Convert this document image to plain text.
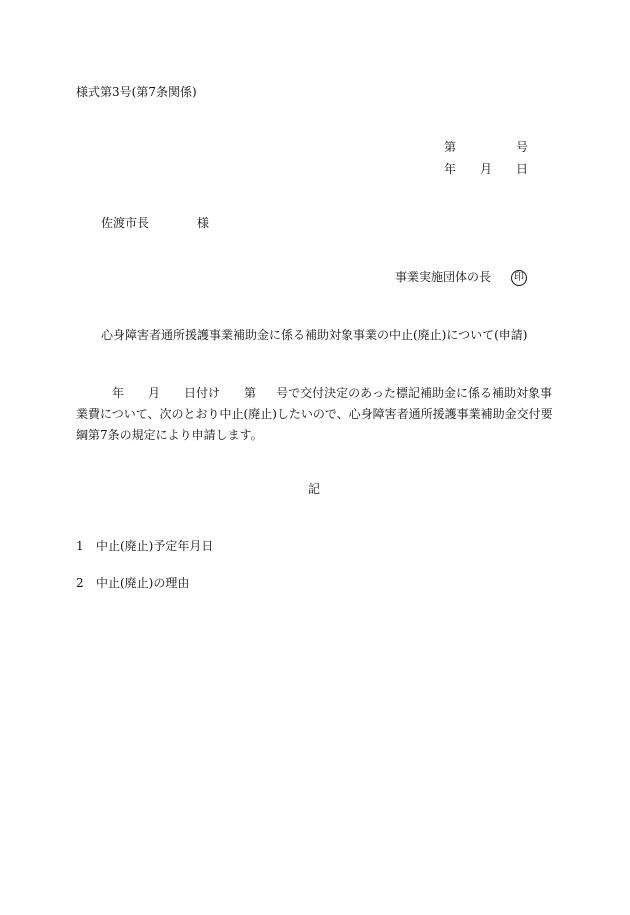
様式第3号(第7条関係)
第	号
年 月 日
佐渡市長	様
事業実施団体の長 印
心身障害者通所援護事業補助金に係る補助対象事業の中止(廃止)について(申請)
年 月 日付け 第 号で交付決定のあった標記補助金に係る補助対象事
業費について、次のとおり中止(廃止)したいので、心身障害者通所援護事業補助金交付要綱第7条の規定により申請します。
記
1 中止(廃止)予定年月日
2 中止(廃止)の理由
